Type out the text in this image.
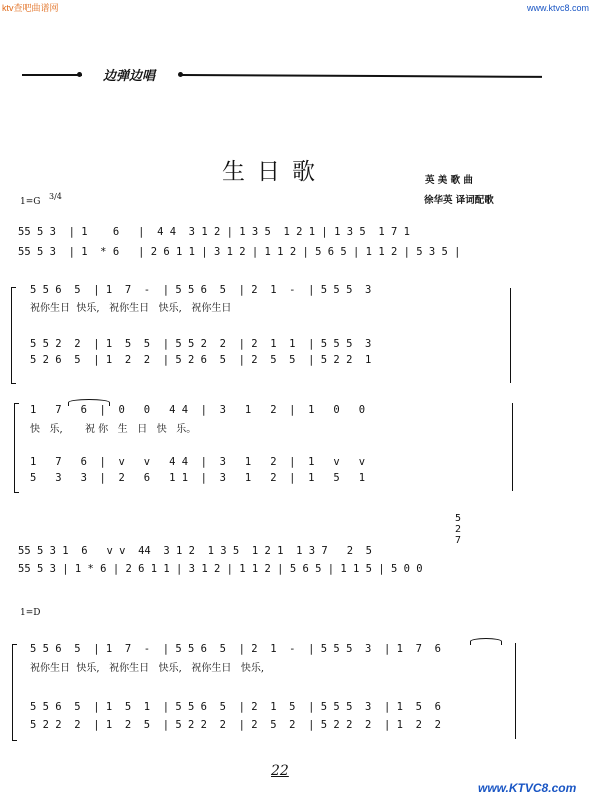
ktv查吧曲谱网	www.ktvc8.com
边弹边唱
生日歌	英 美 歌 曲
徐华英 译词配歌
1=G
3/4
55 5 3  | 1    6   |  4 4  3 1 2 | 1 3 5  1 2 1 | 1 3 5  1 7 1
55 5 3  | 1  * 6   | 2 6 1 1 | 3 1 2 | 1 1 2 | 5 6 5 | 1 1 2 | 5 3 5 |
5 5 6  5  | 1  7  -  | 5 5 6  5  | 2  1  -  | 5 5 5  3
祝你生日  快乐,   祝你生日   快乐,   祝你生日
5 5 2  2  | 1  5  5  | 5 5 2  2  | 2  1  1  | 5 5 5  3
5 2 6  5  | 1  2  2  | 5 2 6  5  | 2  5  5  | 5 2 2  1
1   7   6  |  0   0   4 4  |  3   1   2  |  1   0   0
快   乐,       祝 你   生   日   快   乐。
1   7   6  |  v   v   4 4  |  3   1   2  |  1   v   v
5   3   3  |  2   6   1 1  |  3   1   2  |  1   5   1
55 5 3 1  6   v v  44  3 1 2  1 3 5  1 2 1  1 3 7   2  5
55 5 3 | 1 * 6 | 2 6 1 1 | 3 1 2 | 1 1 2 | 5 6 5 | 1 1 5 | 5 0 0
5
2
7
1=D
5 5 6  5  | 1  7  -  | 5 5 6  5  | 2  1  -  | 5 5 5  3  | 1  7  6
祝你生日  快乐,   祝你生日   快乐,   祝你生日   快乐,
5 5 6  5  | 1  5  1  | 5 5 6  5  | 2  1  5  | 5 5 5  3  | 1  5  6
5 2 2  2  | 1  2  5  | 5 2 2  2  | 2  5  2  | 5 2 2  2  | 1  2  2
22
www.KTVC8.com
